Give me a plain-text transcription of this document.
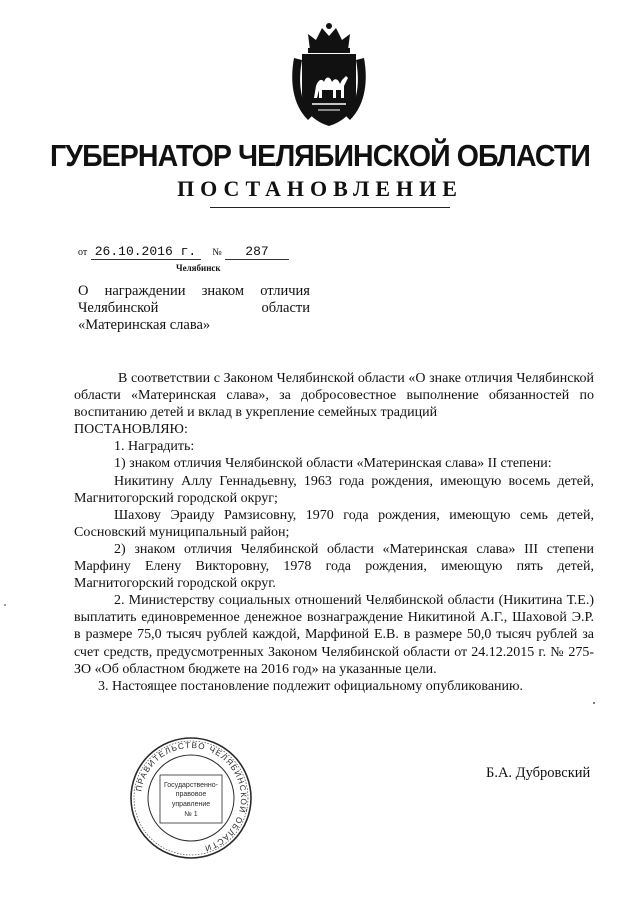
ГУБЕРНАТОР ЧЕЛЯБИНСКОЙ ОБЛАСТИ
ПОСТАНОВЛЕНИЕ
от 26.10.2016 г. № 287
Челябинск
О награждении знаком отличия
Челябинской	области
«Материнская слава»

В соответствии с Законом Челябинской области «О знаке отличия Челябинской области «Материнская слава», за добросовестное выполнение обязанностей по воспитанию детей и вклад в укрепление семейных традиций

ПОСТАНОВЛЯЮ:

1. Наградить:

1) знаком отличия Челябинской области «Материнская слава» II степени:

Никитину Аллу Геннадьевну, 1963 года рождения, имеющую восемь детей, Магнитогорский городской округ;

Шахову Эраиду Рамзисовну, 1970 года рождения, имеющую семь детей, Сосновский муниципальный район;

2) знаком отличия Челябинской области «Материнская слава» III степени Марфину Елену Викторовну, 1978 года рождения, имеющую пять детей, Магнитогорский городской округ.

2. Министерству социальных отношений Челябинской области (Никитина Т.Е.) выплатить единовременное денежное вознаграждение Никитиной А.Г., Шаховой Э.Р. в размере 75,0 тысяч рублей каждой, Марфиной Е.В. в размере 50,0 тысяч рублей за счет средств, предусмотренных Законом Челябинской области от 24.12.2015 г. № 275-ЗО «Об областном бюджете на 2016 год» на указанные цели.

3. Настоящее постановление подлежит официальному опубликованию.

ПРАВИТЕЛЬСТВО ЧЕЛЯБИНСКОЙ ОБЛАСТИ
Государственно-
правовое
управление
№ 1
Б.А. Дубровский
